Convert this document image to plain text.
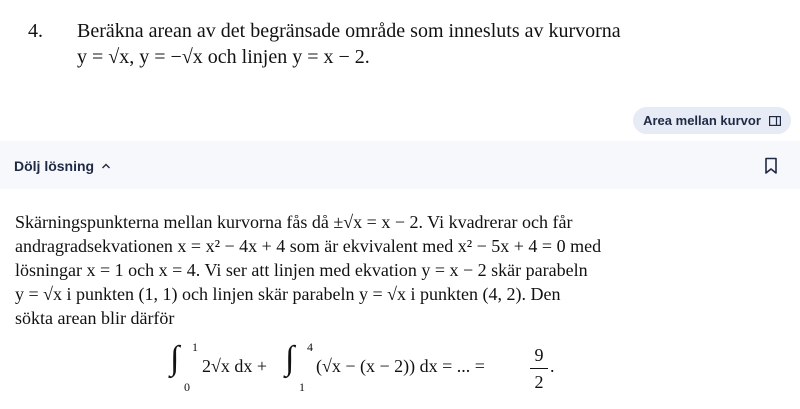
4. Beräkna arean av det begränsade område som innesluts av kurvorna
y = √x, y = −√x och linjen y = x − 2.
Area mellan kurvor
Dölj lösning
Skärningspunkterna mellan kurvorna fås då ±√x = x − 2. Vi kvadrerar och får
andragradsekvationen x = x² − 4x + 4 som är ekvivalent med x² − 5x + 4 = 0 med
lösningar x = 1 och x = 4. Vi ser att linjen med ekvation y = x − 2 skär parabeln
y = √x i punkten (1, 1) och linjen skär parabeln y = √x i punkten (4, 2). Den
sökta arean blir därför
∫ 1
0
2√x dx + ∫ 4
1
(√x − (x − 2)) dx = ... =
9
2
.
